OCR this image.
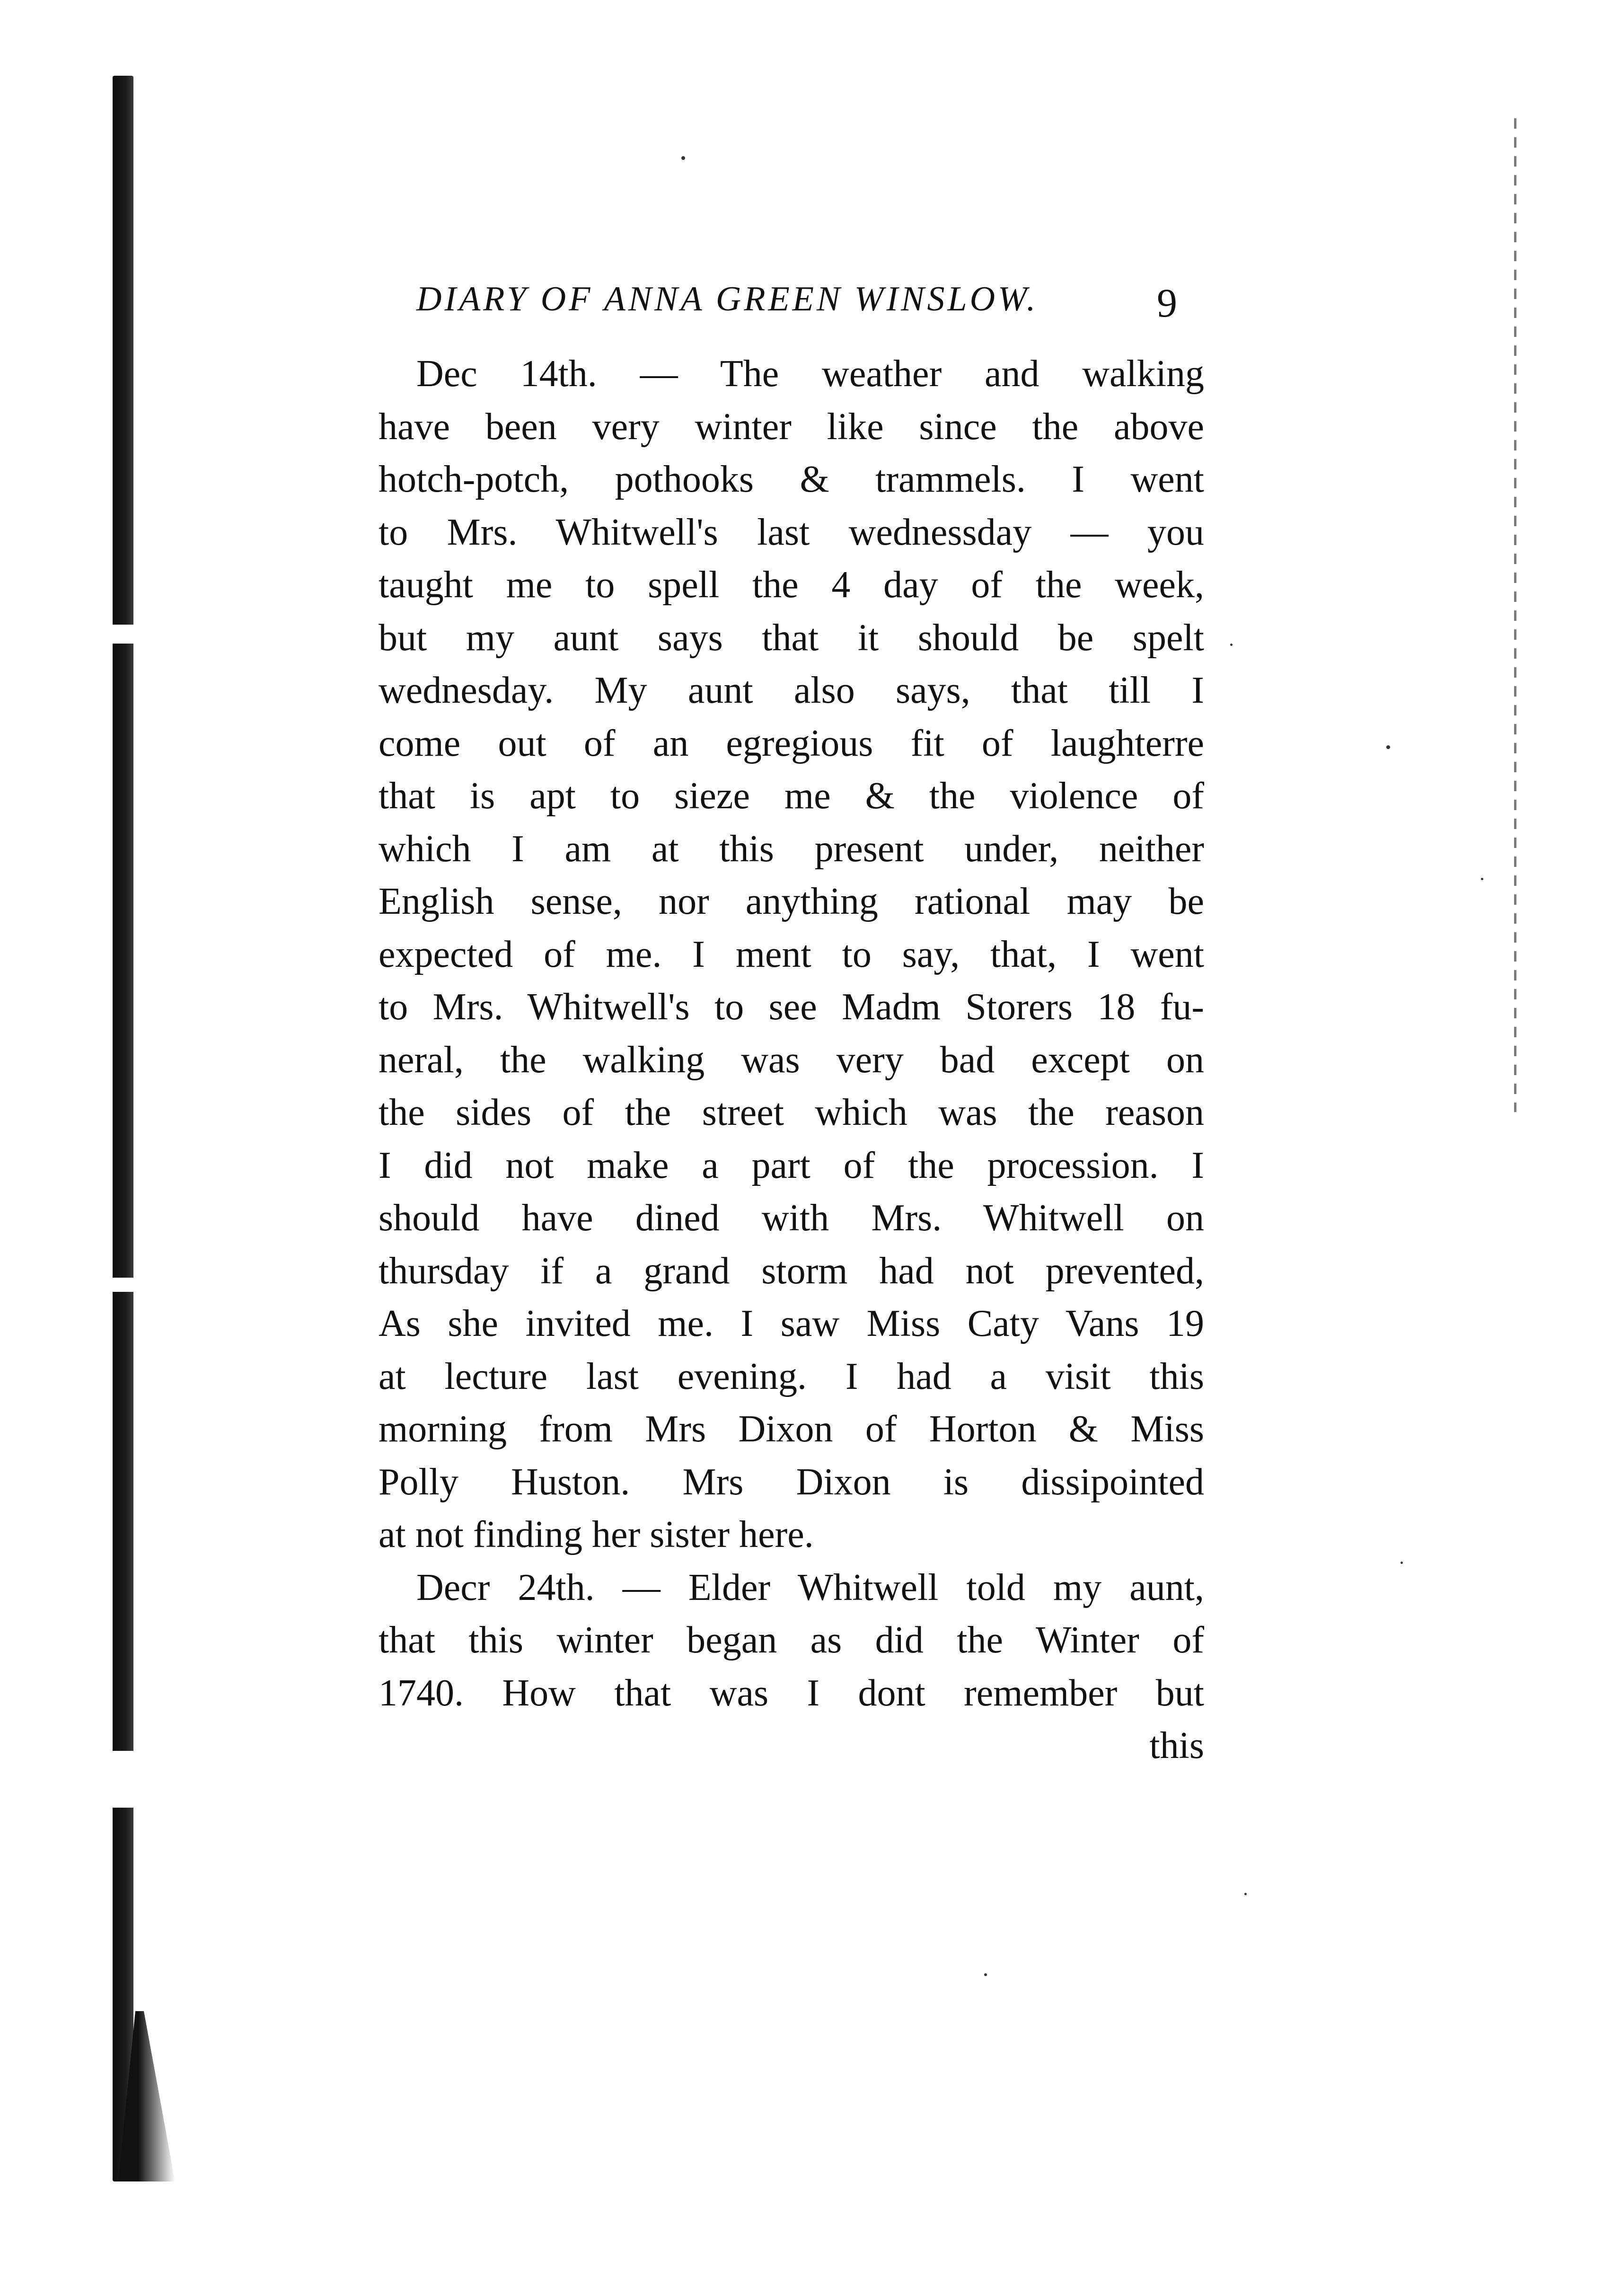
DIARY OF ANNA GREEN WINSLOW.	9
Dec 14th. — The weather and walking
have been very winter like since the above
hotch-potch, pothooks & trammels. I went
to Mrs. Whitwell's last wednessday — you
taught me to spell the 4 day of the week,
but my aunt says that it should be spelt
wednesday. My aunt also says, that till I
come out of an egregious fit of laughterre
that is apt to sieze me & the violence of
which I am at this present under, neither
English sense, nor anything rational may be
expected of me. I ment to say, that, I went
to Mrs. Whitwell's to see Madm Storers 18 fu-
neral, the walking was very bad except on
the sides of the street which was the reason
I did not make a part of the procession. I
should have dined with Mrs. Whitwell on
thursday if a grand storm had not prevented,
As she invited me. I saw Miss Caty Vans 19
at lecture last evening. I had a visit this
morning from Mrs Dixon of Horton & Miss
Polly Huston. Mrs Dixon is dissipointed
at not finding her sister here.
Decr 24th. — Elder Whitwell told my aunt,
that this winter began as did the Winter of
1740. How that was I dont remember but
this
